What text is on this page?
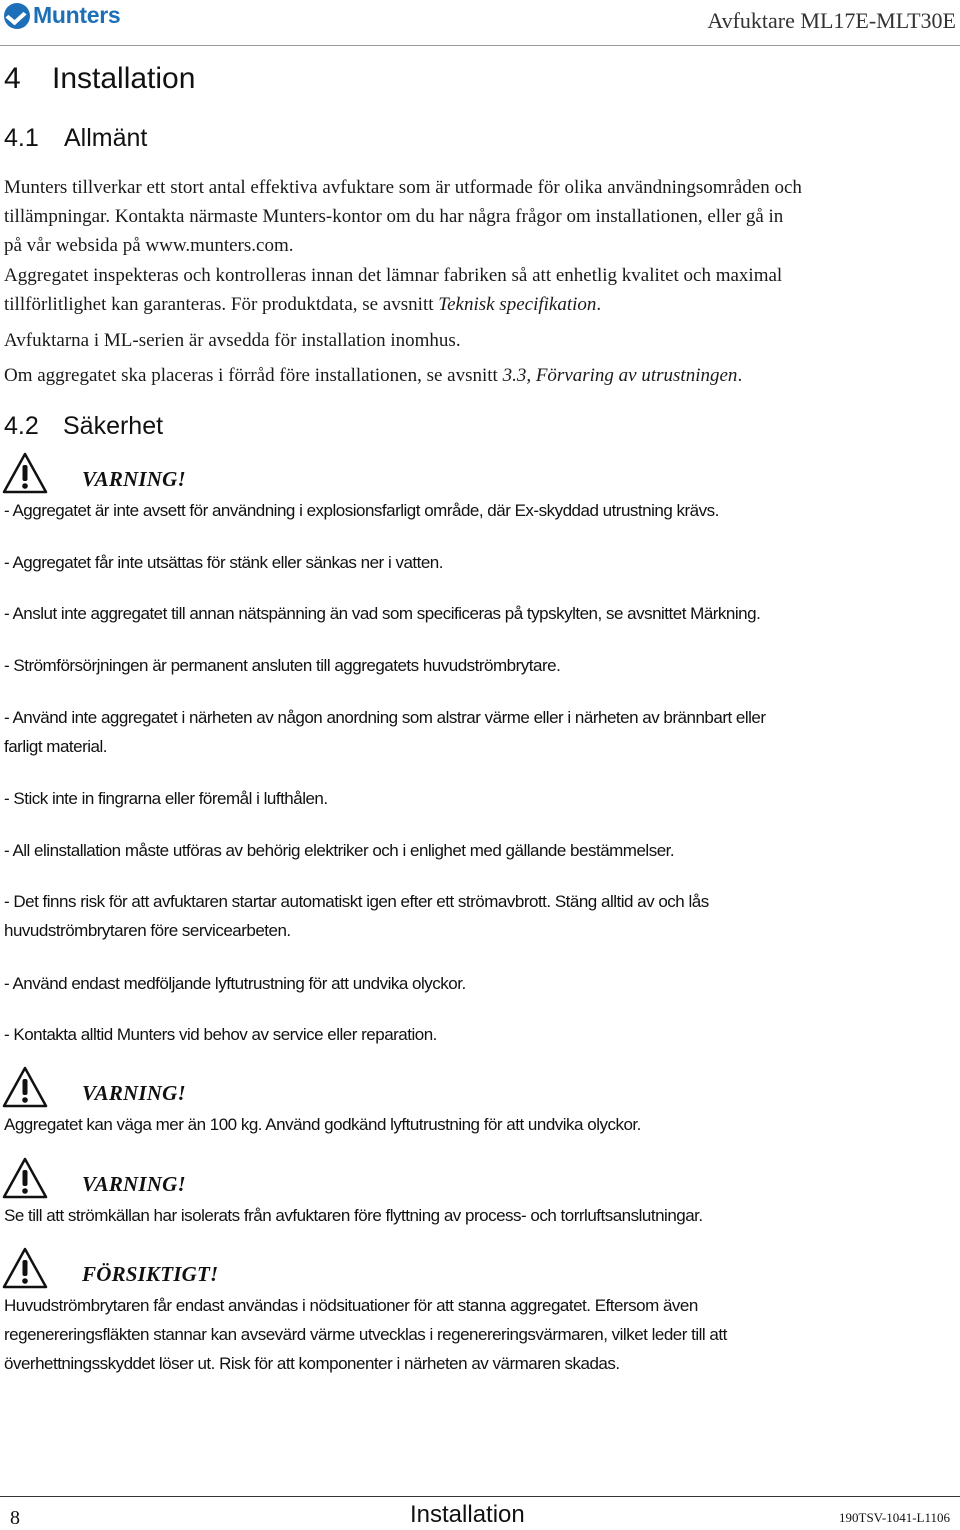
Munters	Avfuktare ML17E-MLT30E
4 Installation
4.1 Allmänt
Munters tillverkar ett stort antal effektiva avfuktare som är utformade för olika användningsområden och
tillämpningar. Kontakta närmaste Munters-kontor om du har några frågor om installationen, eller gå in
på vår websida på www.munters.com.
Aggregatet inspekteras och kontrolleras innan det lämnar fabriken så att enhetlig kvalitet och maximal
tillförlitlighet kan garanteras. För produktdata, se avsnitt Teknisk specifikation.
Avfuktarna i ML-serien är avsedda för installation inomhus.
Om aggregatet ska placeras i förråd före installationen, se avsnitt 3.3, Förvaring av utrustningen.
4.2 Säkerhet
VARNING!
- Aggregatet är inte avsett för användning i explosionsfarligt område, där Ex-skyddad utrustning krävs.
- Aggregatet får inte utsättas för stänk eller sänkas ner i vatten.
- Anslut inte aggregatet till annan nätspänning än vad som specificeras på typskylten, se avsnittet Märkning.
- Strömförsörjningen är permanent ansluten till aggregatets huvudströmbrytare.
- Använd inte aggregatet i närheten av någon anordning som alstrar värme eller i närheten av brännbart eller
farligt material.
- Stick inte in fingrarna eller föremål i lufthålen.
- All elinstallation måste utföras av behörig elektriker och i enlighet med gällande bestämmelser.
- Det finns risk för att avfuktaren startar automatiskt igen efter ett strömavbrott. Stäng alltid av och lås
huvudströmbrytaren före servicearbeten.
- Använd endast medföljande lyftutrustning för att undvika olyckor.
- Kontakta alltid Munters vid behov av service eller reparation.
VARNING!
Aggregatet kan väga mer än 100 kg. Använd godkänd lyftutrustning för att undvika olyckor.
VARNING!
Se till att strömkällan har isolerats från avfuktaren före flyttning av process- och torrluftsanslutningar.
FÖRSIKTIGT!
Huvudströmbrytaren får endast användas i nödsituationer för att stanna aggregatet. Eftersom även
regenereringsfläkten stannar kan avsevärd värme utvecklas i regenereringsvärmaren, vilket leder till att
överhettningsskyddet löser ut. Risk för att komponenter i närheten av värmaren skadas.
8	Installation	190TSV-1041-L1106
